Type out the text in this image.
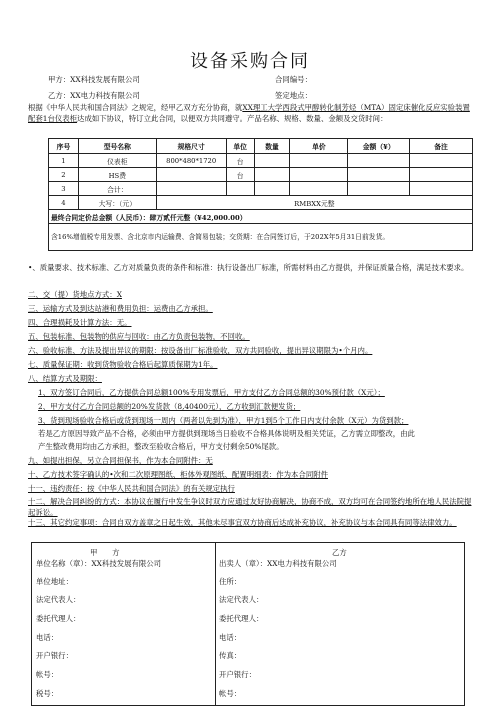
设备采购合同
甲方：XX科技发展有限公司	合同编号：
乙方：XX电力科技有限公司	签定地点：
根据《中华人民共和国合同法》之规定，经甲乙双方充分协商，就XX理工大学西段式甲醇转化制芳烃（MTA）固定床催化反应实验装置配套1台仪表柜达成如下协议，特订立此合同，以便双方共同遵守。产品名称、规格、数量、金额及交货时间：
序号	型号名称	规格尺寸	单位	数量	单价	金额（¥）	备注
1	仪表柜	800*480*1720	台				
2	HS费		台				
3	合计：						
4	大写：（元）	RMBXX元整					
最终合同定价总金额（人民币）：肆万贰仟元整（¥42,000.00）							
含16%增值税专用发票、含北京市内运输费、含简易包装；交货期：在合同签订后，于202X年5月31日前发货。							
•、质量要求、技术标准、乙方对质量负责的条件和标准：执行设备出厂标准，所需材料由乙方提供，并保证质量合格，满足技术要求。
二、交（提）货地点方式：X
三、运输方式及到达站港和费用负担：运费由乙方承担。
四、合理损耗及计算方法：无。
五、包装标准、包装物的供应与回收：由乙方负责包装物，不回收。
六、验收标准、方法及提出异议的期限：按设备出厂标准验收，双方共同验收，提出异议期限为•个月内。
七、质量保证期：收到货物验收合格后起算质保期为1年。
八、结算方式及期限：
1、双方签订合同后，乙方提供合同总额100%专用发票后，甲方支付乙方合同总额的30%预付款（X元）；
2、甲方支付乙方合同总额的20%发货款（8,40400元），乙方收到汇款便发货；
3、货到现场验收合格后或货到现场一周内（两者以先到为准），甲方1到5个工作日内支付余款（X元）为货到款；
若是乙方原因导致产品不合格，必须由甲方提供到现场当日验收不合格具体说明及相关凭证，乙方需立即整改，由此
产生整改费用均由乙方承担，整改至验收合格后，甲方支付剩余50%尾款。
九、如提出担保，另立合同担保书，作为本合同附件：无
十、乙方技术签字确认的•次和二次原理图纸、柜体外观图纸、配置明细表：作为本合同附件
十一、违约责任：按《中华人民共和国合同法》的有关规定执行
十二、解决合同纠纷的方式：本协议在履行中发生争议时双方应通过友好协商解决，协商不成，双方均可在合同签约地所在地人民法院提起诉讼。
十三、其它约定事项：合同自双方盖章之日起生效，其他未尽事宜双方协商后达成补充协议，补充协议与本合同具有同等法律效力。
甲　　方	乙方
单位名称（章）：XX科技发展有限公司
单位地址：
法定代表人：
委托代理人：
电话：
开户银行：
帐号：
税号：
出卖人（章）：XX电力科技有限公司
住所：
法定代表人：
委托代理人：
电话：
传真：
开户银行：
帐号：
